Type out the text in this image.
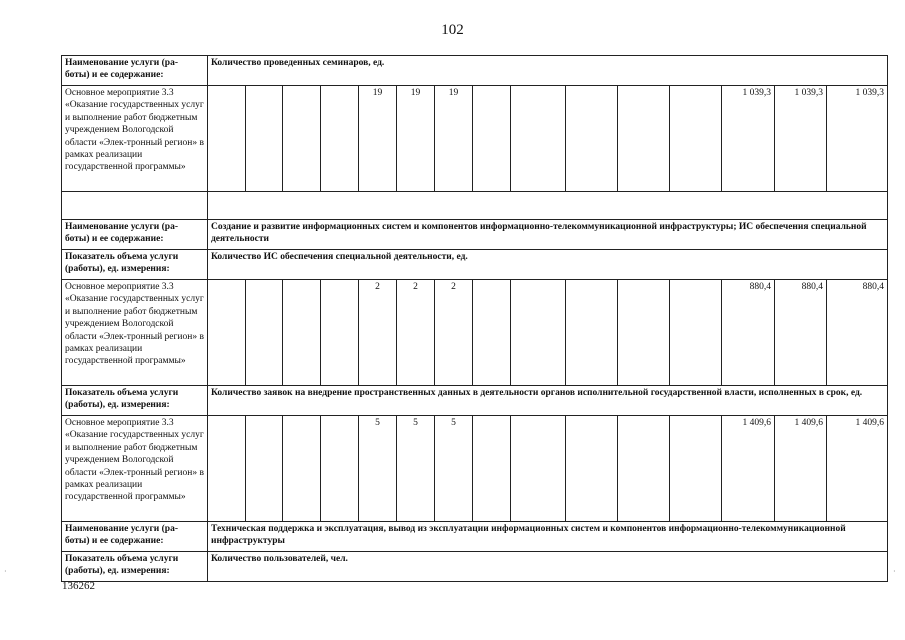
102
·	·
Наименование услуги (ра-
боты) и ее содержание:	Количество проведенных семинаров, ед.														
Основное мероприятие 3.3 «Оказание государственных услуг и выполнение работ бюджетным учреждением Вологодской области «Элек-тронный регион» в рамках реализации государственной программы»					19	19	19						1 039,3	1 039,3	1 039,3

Наименование услуги (ра-
боты) и ее содержание:	Создание и развитие информационных систем и компонентов информационно-телекоммуникационной инфраструктуры; ИС обеспечения специальной деятельности														
Показатель объема услуги
(работы), ед. измерения:	Количество ИС обеспечения специальной деятельности, ед.														
Основное мероприятие 3.3 «Оказание государственных услуг и выполнение работ бюджетным учреждением Вологодской области «Элек-тронный регион» в рамках реализации государственной программы»					2	2	2						880,4	880,4	880,4
Показатель объема услуги
(работы), ед. измерения:	Количество заявок на внедрение пространственных данных в деятельности органов исполнительной государственной власти, исполненных в срок, ед.														
Основное мероприятие 3.3 «Оказание государственных услуг и выполнение работ бюджетным учреждением Вологодской области «Элек-тронный регион» в рамках реализации государственной программы»					5	5	5						1 409,6	1 409,6	1 409,6
Наименование услуги (ра-
боты) и ее содержание:	Техническая поддержка и эксплуатация, вывод из эксплуатации информационных систем и компонентов информационно-телекоммуникационной инфраструктуры														
Показатель объема услуги
(работы), ед. измерения:	Количество пользователей, чел.														
136262
